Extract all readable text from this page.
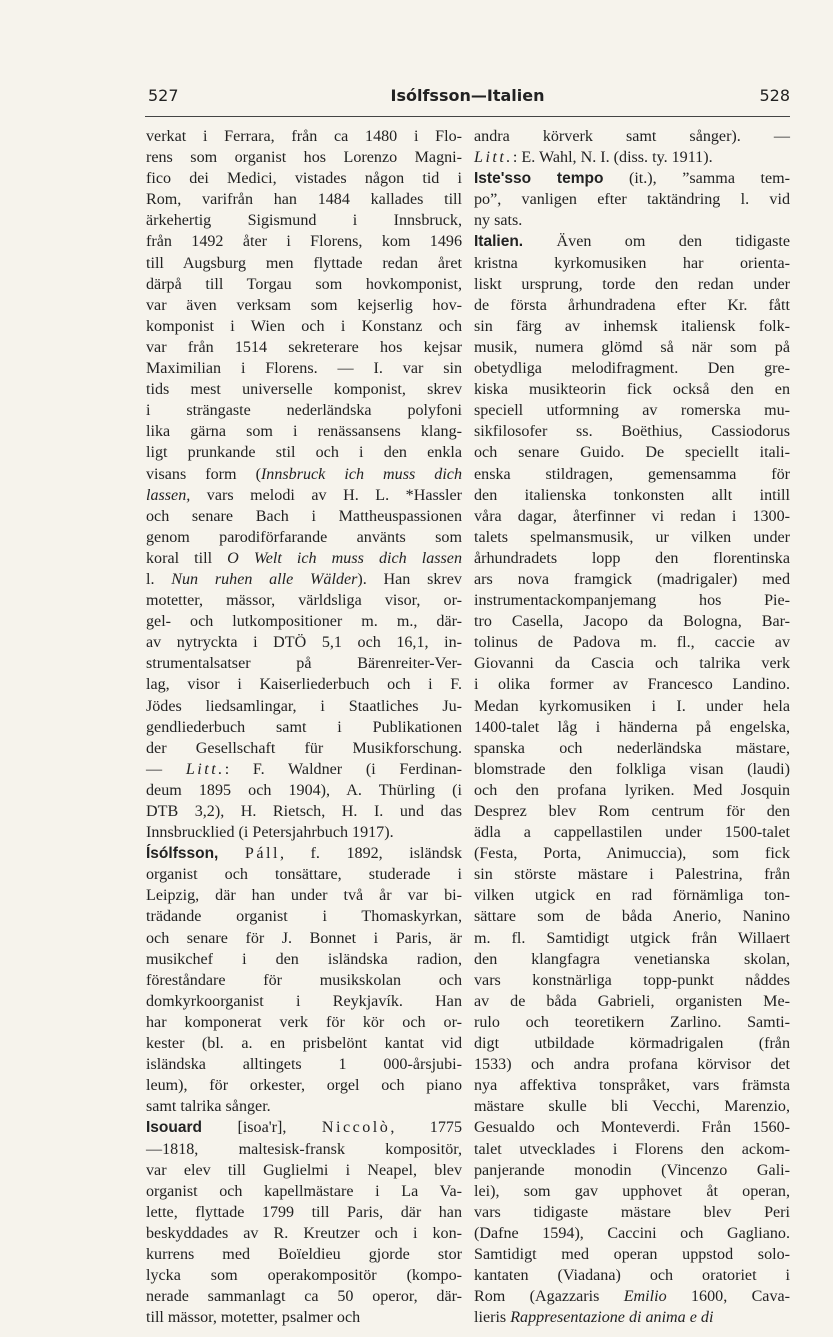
527	Isólfsson—Italien	528
verkat i Ferrara, från ca 1480 i Flo-
rens som organist hos Lorenzo Magni-
fico dei Medici, vistades någon tid i
Rom, varifrån han 1484 kallades till
ärkehertig Sigismund i Innsbruck,
från 1492 åter i Florens, kom 1496
till Augsburg men flyttade redan året
därpå till Torgau som hovkomponist,
var även verksam som kejserlig hov-
komponist i Wien och i Konstanz och
var från 1514 sekreterare hos kejsar
Maximilian i Florens. — I. var sin
tids mest universelle komponist, skrev
i strängaste nederländska polyfoni
lika gärna som i renässansens klang-
ligt prunkande stil och i den enkla
visans form (Innsbruck ich muss dich
lassen, vars melodi av H. L. *Hassler
och senare Bach i Mattheuspassionen
genom parodiförfarande använts som
koral till O Welt ich muss dich lassen
l. Nun ruhen alle Wälder). Han skrev
motetter, mässor, världsliga visor, or-
gel- och lutkompositioner m. m., där-
av nytryckta i DTÖ 5,1 och 16,1, in-
strumentalsatser på Bärenreiter-Ver-
lag, visor i Kaiserliederbuch och i F.
Jödes liedsamlingar, i Staatliches Ju-
gendliederbuch samt i Publikationen
der Gesellschaft für Musikforschung.
— Litt.: F. Waldner (i Ferdinan-
deum 1895 och 1904), A. Thürling (i
DTB 3,2), H. Rietsch, H. I. und das
Innsbrucklied (i Petersjahrbuch 1917).
Ísólfsson, Páll, f. 1892, isländsk
organist och tonsättare, studerade i
Leipzig, där han under två år var bi-
trädande organist i Thomaskyrkan,
och senare för J. Bonnet i Paris, är
musikchef i den isländska radion,
föreståndare för musikskolan och
domkyrkoorganist i Reykjavík. Han
har komponerat verk för kör och or-
kester (bl. a. en prisbelönt kantat vid
isländska alltingets 1 000-årsjubi-
leum), för orkester, orgel och piano
samt talrika sånger.
Isouard [isoa'r], Niccolò, 1775
—1818, maltesisk-fransk kompositör,
var elev till Guglielmi i Neapel, blev
organist och kapellmästare i La Va-
lette, flyttade 1799 till Paris, där han
beskyddades av R. Kreutzer och i kon-
kurrens med Boïeldieu gjorde stor
lycka som operakompositör (kompo-
nerade sammanlagt ca 50 operor, där-
till mässor, motetter, psalmer och
andra körverk samt sånger). —
Litt.: E. Wahl, N. I. (diss. ty. 1911).
Iste'sso tempo (it.), ”samma tem-
po”, vanligen efter taktändring l. vid
ny sats.
Italien. Även om den tidigaste
kristna kyrkomusiken har orienta-
liskt ursprung, torde den redan under
de första århundradena efter Kr. fått
sin färg av inhemsk italiensk folk-
musik, numera glömd så när som på
obetydliga melodifragment. Den gre-
kiska musikteorin fick också den en
speciell utformning av romerska mu-
sikfilosofer ss. Boëthius, Cassiodorus
och senare Guido. De speciellt itali-
enska stildragen, gemensamma för
den italienska tonkonsten allt intill
våra dagar, återfinner vi redan i 1300-
talets spelmansmusik, ur vilken under
århundradets lopp den florentinska
ars nova framgick (madrigaler) med
instrumentackompanjemang hos Pie-
tro Casella, Jacopo da Bologna, Bar-
tolinus de Padova m. fl., caccie av
Giovanni da Cascia och talrika verk
i olika former av Francesco Landino.
Medan kyrkomusiken i I. under hela
1400-talet låg i händerna på engelska,
spanska och nederländska mästare,
blomstrade den folkliga visan (laudi)
och den profana lyriken. Med Josquin
Desprez blev Rom centrum för den
ädla a cappellastilen under 1500-talet
(Festa, Porta, Animuccia), som fick
sin störste mästare i Palestrina, från
vilken utgick en rad förnämliga ton-
sättare som de båda Anerio, Nanino
m. fl. Samtidigt utgick från Willaert
den klangfagra venetianska skolan,
vars konstnärliga topp-punkt nåddes
av de båda Gabrieli, organisten Me-
rulo och teoretikern Zarlino. Samti-
digt utbildade körmadrigalen (från
1533) och andra profana körvisor det
nya affektiva tonspråket, vars främsta
mästare skulle bli Vecchi, Marenzio,
Gesualdo och Monteverdi. Från 1560-
talet utvecklades i Florens den ackom-
panjerande monodin (Vincenzo Gali-
lei), som gav upphovet åt operan,
vars tidigaste mästare blev Peri
(Dafne 1594), Caccini och Gagliano.
Samtidigt med operan uppstod solo-
kantaten (Viadana) och oratoriet i
Rom (Agazzaris Emilio 1600, Cava-
lieris Rappresentazione di anima e di
